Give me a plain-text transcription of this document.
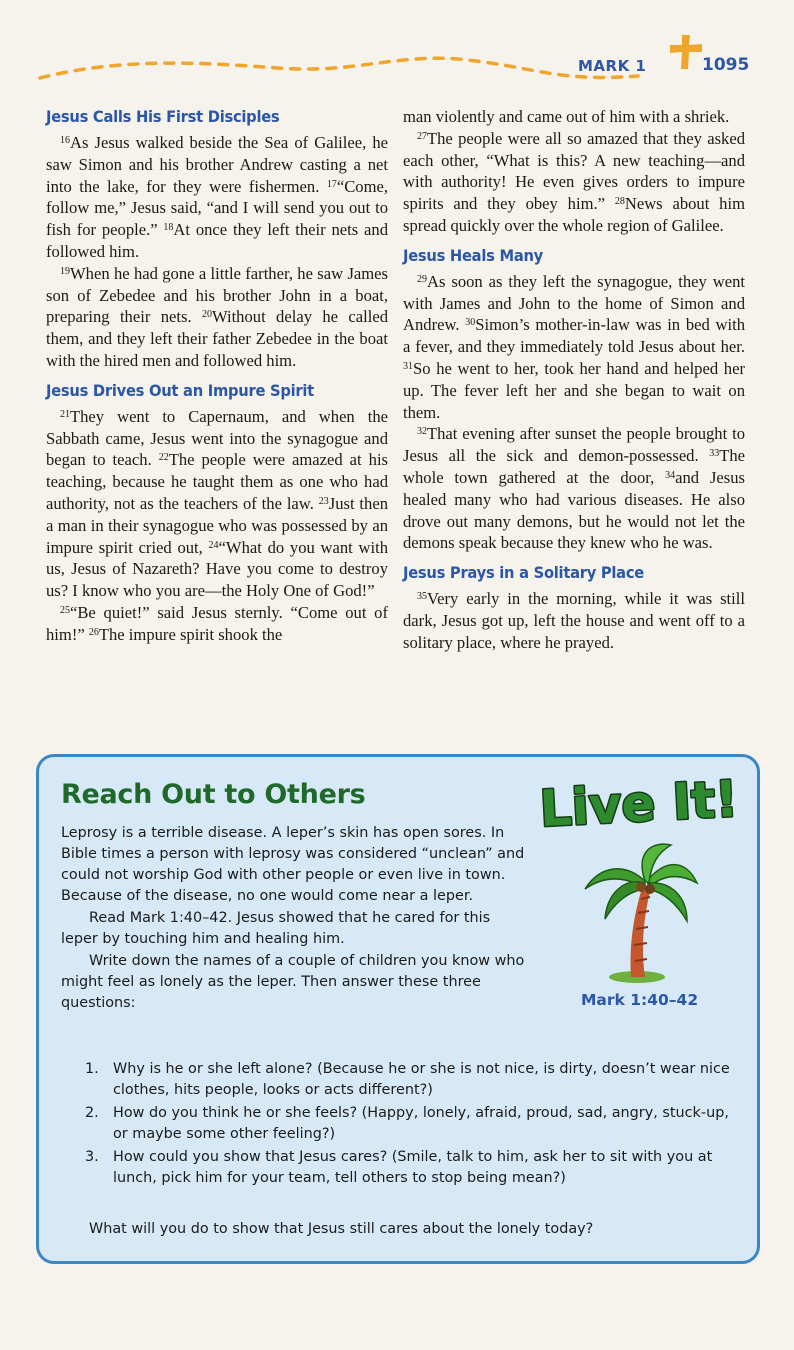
MARK 1	1095
Jesus Calls His First Disciples

$^{16}$As Jesus walked beside the Sea of Galilee, he saw Simon and his brother Andrew casting a net into the lake, for they were fishermen. $^{17}$“Come, follow me,” Jesus said, “and I will send you out to fish for people.” $^{18}$At once they left their nets and followed him.

$^{19}$When he had gone a little farther, he saw James son of Zebedee and his brother John in a boat, preparing their nets. $^{20}$Without delay he called them, and they left their father Zebedee in the boat with the hired men and followed him.

Jesus Drives Out an Impure Spirit

$^{21}$They went to Capernaum, and when the Sabbath came, Jesus went into the synagogue and began to teach. $^{22}$The people were amazed at his teaching, because he taught them as one who had authority, not as the teachers of the law. $^{23}$Just then a man in their synagogue who was possessed by an impure spirit cried out, $^{24}$“What do you want with us, Jesus of Nazareth? Have you come to destroy us? I know who you are—the Holy One of God!”

$^{25}$“Be quiet!” said Jesus sternly. “Come out of him!” $^{26}$The impure spirit shook the

man violently and came out of him with a shriek.

$^{27}$The people were all so amazed that they asked each other, “What is this? A new teaching—and with authority! He even gives orders to impure spirits and they obey him.” $^{28}$News about him spread quickly over the whole region of Galilee.

Jesus Heals Many

$^{29}$As soon as they left the synagogue, they went with James and John to the home of Simon and Andrew. $^{30}$Simon’s mother-in-law was in bed with a fever, and they immediately told Jesus about her. $^{31}$So he went to her, took her hand and helped her up. The fever left her and she began to wait on them.

$^{32}$That evening after sunset the people brought to Jesus all the sick and demon-possessed. $^{33}$The whole town gathered at the door, $^{34}$and Jesus healed many who had various diseases. He also drove out many demons, but he would not let the demons speak because they knew who he was.

Jesus Prays in a Solitary Place

$^{35}$Very early in the morning, while it was still dark, Jesus got up, left the house and went off to a solitary place, where he prayed.

Reach Out to Others	Live It!
Mark 1:40–42

Leprosy is a terrible disease. A leper’s skin has open sores. In Bible times a person with leprosy was considered “unclean” and could not worship God with other people or even live in town. Because of the disease, no one would come near a leper.

Read Mark 1:40–42. Jesus showed that he cared for this leper by touching him and healing him.

Write down the names of a couple of children you know who might feel as lonely as the leper. Then answer these three questions:

1. Why is he or she left alone? (Because he or she is not nice, is dirty, doesn’t wear nice clothes, hits people, looks or acts different?)
2. How do you think he or she feels? (Happy, lonely, afraid, proud, sad, angry, stuck-up, or maybe some other feeling?)
3. How could you show that Jesus cares? (Smile, talk to him, ask her to sit with you at lunch, pick him for your team, tell others to stop being mean?)
What will you do to show that Jesus still cares about the lonely today?
